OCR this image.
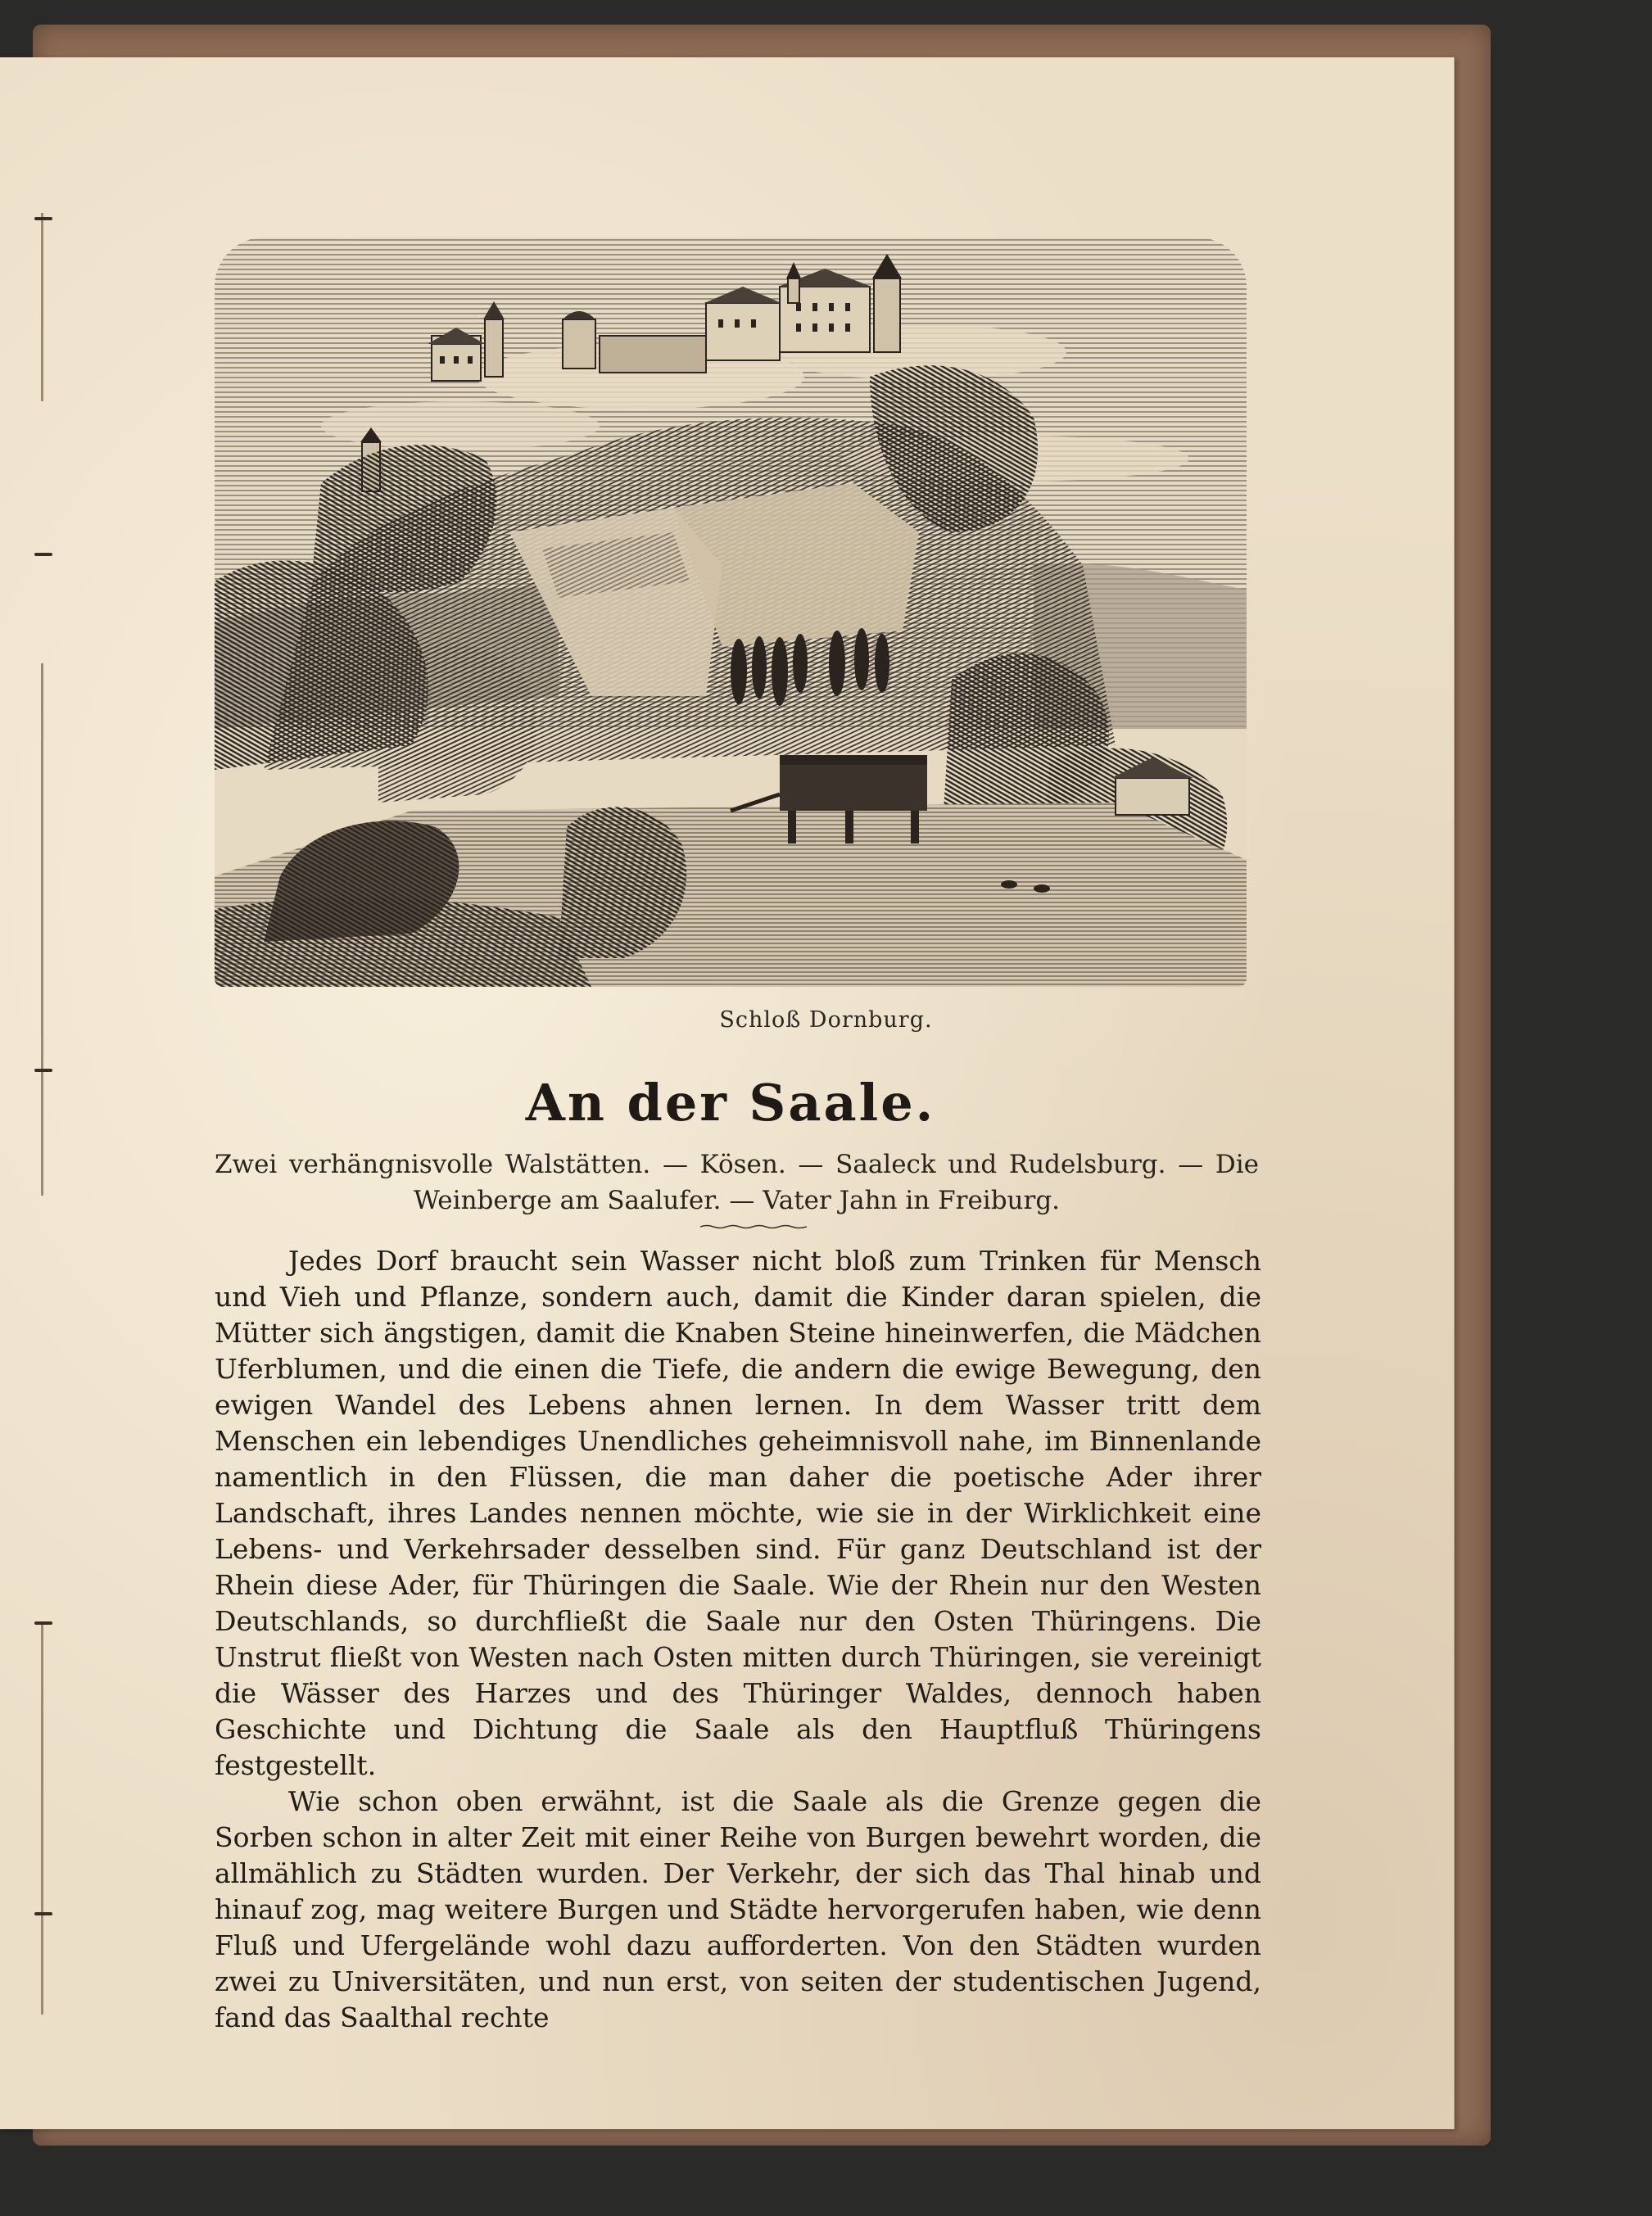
Schloß Dornburg.
An der Saale.
Zwei verhängnisvolle Walstätten. — Kösen. — Saaleck und Rudelsburg. — Die Weinberge am Saalufer. — Vater Jahn in Freiburg.

Jedes Dorf braucht sein Wasser nicht bloß zum Trinken für Mensch und Vieh und Pflanze, sondern auch, damit die Kinder daran spielen, die Mütter sich ängstigen, damit die Knaben Steine hineinwerfen, die Mädchen Uferblumen, und die einen die Tiefe, die andern die ewige Bewegung, den ewigen Wandel des Lebens ahnen lernen. In dem Wasser tritt dem Menschen ein lebendiges Unendliches geheimnisvoll nahe, im Binnenlande namentlich in den Flüssen, die man daher die poetische Ader ihrer Landschaft, ihres Landes nennen möchte, wie sie in der Wirklichkeit eine Lebens- und Verkehrsader desselben sind. Für ganz Deutschland ist der Rhein diese Ader, für Thüringen die Saale. Wie der Rhein nur den Westen Deutschlands, so durchfließt die Saale nur den Osten Thüringens. Die Unstrut fließt von Westen nach Osten mitten durch Thüringen, sie vereinigt die Wässer des Harzes und des Thüringer Waldes, dennoch haben Geschichte und Dichtung die Saale als den Hauptfluß Thüringens festgestellt.

Wie schon oben erwähnt, ist die Saale als die Grenze gegen die Sorben schon in alter Zeit mit einer Reihe von Burgen bewehrt worden, die allmählich zu Städten wurden. Der Verkehr, der sich das Thal hinab und hinauf zog, mag weitere Burgen und Städte hervorgerufen haben, wie denn Fluß und Ufergelände wohl dazu aufforderten. Von den Städten wurden zwei zu Universitäten, und nun erst, von seiten der studentischen Jugend, fand das Saalthal rechte
